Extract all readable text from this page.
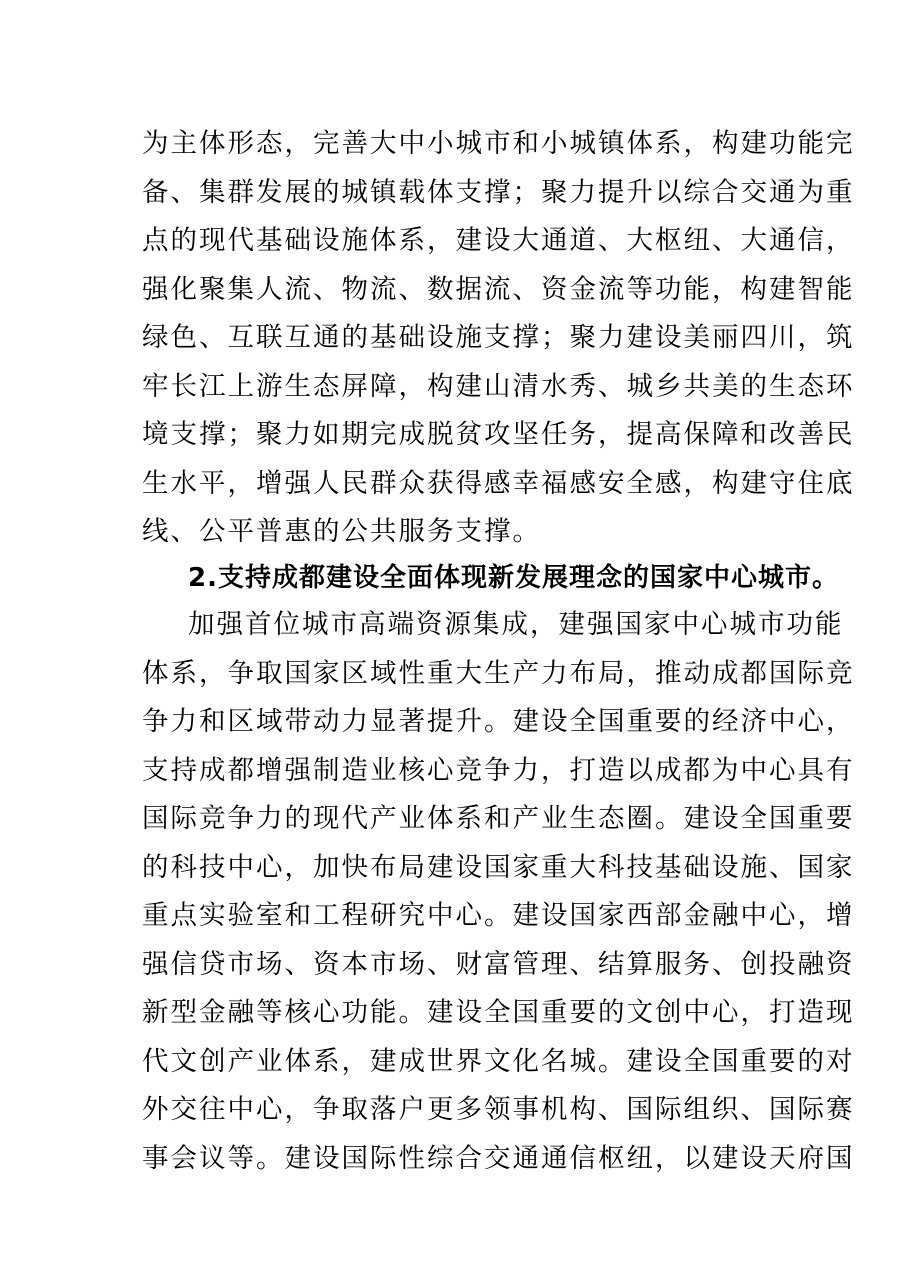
为主体形态，完善大中小城市和小城镇体系，构建功能完
备、集群发展的城镇载体支撑；聚力提升以综合交通为重
点的现代基础设施体系，建设大通道、大枢纽、大通信，
强化聚集人流、物流、数据流、资金流等功能，构建智能
绿色、互联互通的基础设施支撑；聚力建设美丽四川，筑
牢长江上游生态屏障，构建山清水秀、城乡共美的生态环
境支撑；聚力如期完成脱贫攻坚任务，提高保障和改善民
生水平，增强人民群众获得感幸福感安全感，构建守住底
线、公平普惠的公共服务支撑。
2.支持成都建设全面体现新发展理念的国家中心城市。
加强首位城市高端资源集成，建强国家中心城市功能
体系，争取国家区域性重大生产力布局，推动成都国际竞
争力和区域带动力显著提升。建设全国重要的经济中心，
支持成都增强制造业核心竞争力，打造以成都为中心具有
国际竞争力的现代产业体系和产业生态圈。建设全国重要
的科技中心，加快布局建设国家重大科技基础设施、国家
重点实验室和工程研究中心。建设国家西部金融中心，增
强信贷市场、资本市场、财富管理、结算服务、创投融资
新型金融等核心功能。建设全国重要的文创中心，打造现
代文创产业体系，建成世界文化名城。建设全国重要的对
外交往中心，争取落户更多领事机构、国际组织、国际赛
事会议等。建设国际性综合交通通信枢纽，以建设天府国
